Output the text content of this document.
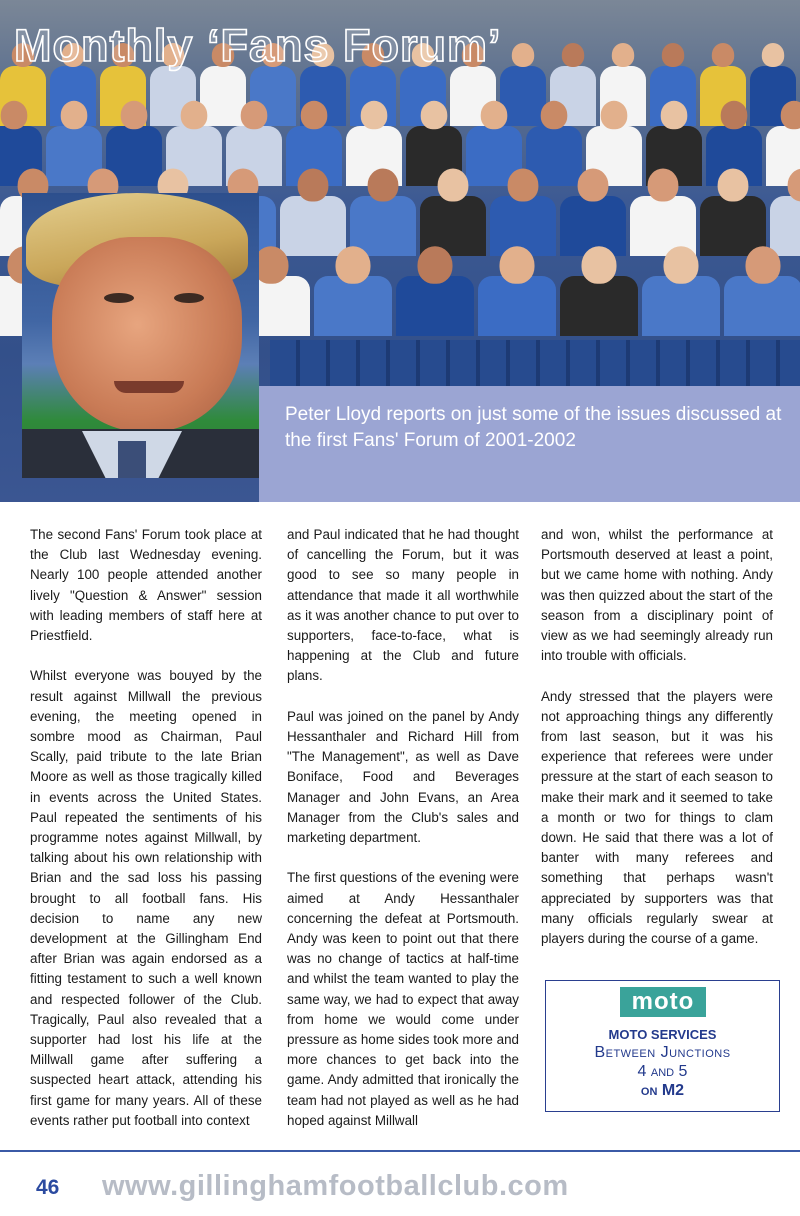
Monthly ‘Fans Forum’

Peter Lloyd reports on just some of the issues discussed at the first Fans' Forum of 2001-2002

The second Fans' Forum took place at the Club last Wednesday evening. Nearly 100 people attended another lively "Question & Answer" session with leading members of staff here at Priestfield.

Whilst everyone was bouyed by the result against Millwall the previous evening, the meeting opened in sombre mood as Chairman, Paul Scally, paid tribute to the late Brian Moore as well as those tragically killed in events across the United States. Paul repeated the sentiments of his programme notes against Millwall, by talking about his own relationship with Brian and the sad loss his passing brought to all football fans. His decision to name any new development at the Gillingham End after Brian was again endorsed as a fitting testament to such a well known and respected follower of the Club. Tragically, Paul also revealed that a supporter had lost his life at the Millwall game after suffering a suspected heart attack, attending his first game for many years. All of these events rather put football into context

and Paul indicated that he had thought of cancelling the Forum, but it was good to see so many people in attendance that made it all worthwhile as it was another chance to put over to supporters, face-to-face, what is happening at the Club and future plans.

Paul was joined on the panel by Andy Hessanthaler and Richard Hill from "The Management", as well as Dave Boniface, Food and Beverages Manager and John Evans, an Area Manager from the Club's sales and marketing department.

The first questions of the evening were aimed at Andy Hessanthaler concerning the defeat at Portsmouth. Andy was keen to point out that there was no change of tactics at half-time and whilst the team wanted to play the same way, we had to expect that away from home we would come under pressure as home sides took more and more chances to get back into the game. Andy admitted that ironically the team had not played as well as he had hoped against Millwall

and won, whilst the performance at Portsmouth deserved at least a point, but we came home with nothing. Andy was then quizzed about the start of the season from a disciplinary point of view as we had seemingly already run into trouble with officials.

Andy stressed that the players were not approaching things any differently from last season, but it was his experience that referees were under pressure at the start of each season to make their mark and it seemed to take a month or two for things to clam down. He said that there was a lot of banter with many referees and something that perhaps wasn't appreciated by supporters was that many officials regularly swear at players during the course of a game.

moto
MOTO SERVICES
Between Junctions
4 and 5
on M2
46 www.gillinghamfootballclub.com
